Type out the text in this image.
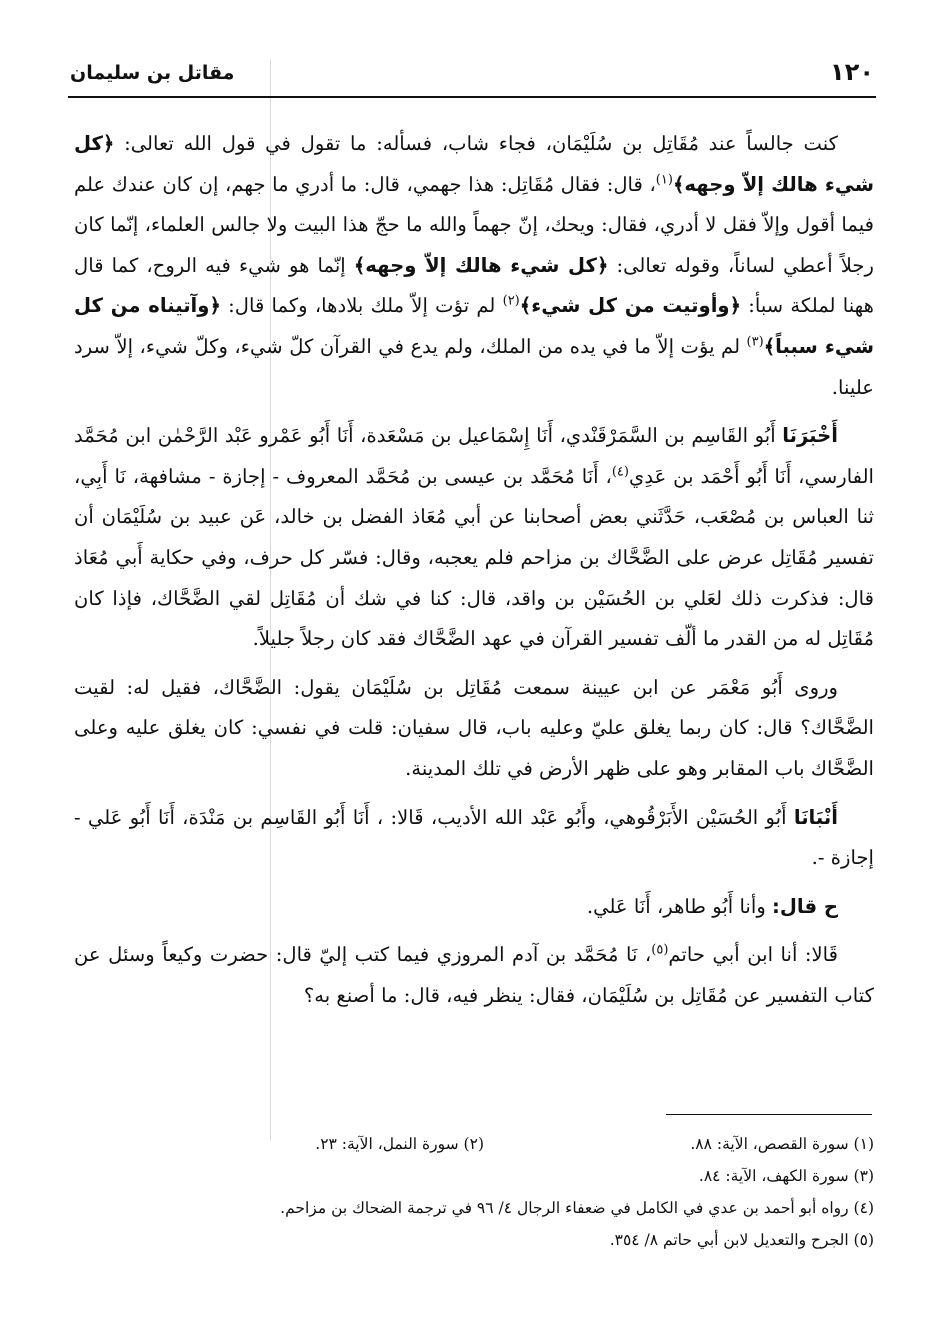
١٢٠
مقاتل بن سليمان

كنت جالساً عند مُقَاتِل بن سُلَيْمَان، فجاء شاب، فسأله: ما تقول في قول الله تعالى: ﴿كل شيء هالك إلاّ وجهه﴾$^{(١)}$، قال: فقال مُقَاتِل: هذا جهمي، قال: ما أدري ما جهم، إن كان عندك علم فيما أقول وإلاّ فقل لا أدري، فقال: ويحك، إنّ جهماً والله ما حجّ هذا البيت ولا جالس العلماء، إنّما كان رجلاً أعطي لساناً، وقوله تعالى: ﴿كل شيء هالك إلاّ وجهه﴾ إنّما هو شيء فيه الروح، كما قال ههنا لملكة سبأ: ﴿وأوتيت من كل شيء﴾$^{(٢)}$ لم تؤت إلاّ ملك بلادها، وكما قال: ﴿وآتيناه من كل شيء سبباً﴾$^{(٣)}$ لم يؤت إلاّ ما في يده من الملك، ولم يدع في القرآن كلّ شيء، وكلّ شيء، إلاّ سرد علينا.

أَخْبَرَنَا أَبُو القَاسِم بن السَّمَرْقَنْدي، أَنَا إِسْمَاعيل بن مَسْعَدة، أَنَا أَبُو عَمْرو عَبْد الرَّحْمٰن ابن مُحَمَّد الفارسي، أَنَا أَبُو أَحْمَد بن عَدِي$^{(٤)}$، أَنَا مُحَمَّد بن عيسى بن مُحَمَّد المعروف - إجازة - مشافهة، نَا أَبِي، ثنا العباس بن مُصْعَب، حَدَّثَني بعض أصحابنا عن أبي مُعَاذ الفضل بن خالد، عَن عبيد بن سُلَيْمَان أن تفسير مُقَاتِل عرض على الضَّحَّاك بن مزاحم فلم يعجبه، وقال: فسّر كل حرف، وفي حكاية أَبي مُعَاذ قال: فذكرت ذلك لعَلي بن الحُسَيْن بن واقد، قال: كنا في شك أن مُقَاتِل لقي الضَّحَّاك، فإذا كان مُقَاتِل له من القدر ما ألّف تفسير القرآن في عهد الضَّحَّاك فقد كان رجلاً جليلاً.

وروى أَبُو مَعْمَر عن ابن عيينة سمعت مُقَاتِل بن سُلَيْمَان يقول: الضَّحَّاك، فقيل له: لقيت الضَّحَّاك؟ قال: كان ربما يغلق عليّ وعليه باب، قال سفيان: قلت في نفسي: كان يغلق عليه وعلى الضَّحَّاك باب المقابر وهو على ظهر الأرض في تلك المدينة.

أَنْبَانَا أَبُو الحُسَيْن الأَبَرْقُوهي، وأَبُو عَبْد الله الأديب، قَالا: ، أَنَا أَبُو القَاسِم بن مَنْدَة، أَنَا أَبُو عَلي - إجازة -.

ح قال: وأنا أَبُو طاهر، أَنَا عَلي.

قَالا: أنا ابن أبي حاتم$^{(٥)}$، نَا مُحَمَّد بن آدم المروزي فيما كتب إليّ قال: حضرت وكيعاً وسئل عن كتاب التفسير عن مُقَاتِل بن سُلَيْمَان، فقال: ينظر فيه، قال: ما أصنع به؟

(١) سورة القصص، الآية: ٨٨.

(٢) سورة النمل، الآية: ٢٣.

(٣) سورة الكهف، الآية: ٨٤.

(٤) رواه أبو أحمد بن عدي في الكامل في ضعفاء الرجال ٤/ ٩٦ في ترجمة الضحاك بن مزاحم.

(٥) الجرح والتعديل لابن أبي حاتم ٨/ ٣٥٤.
